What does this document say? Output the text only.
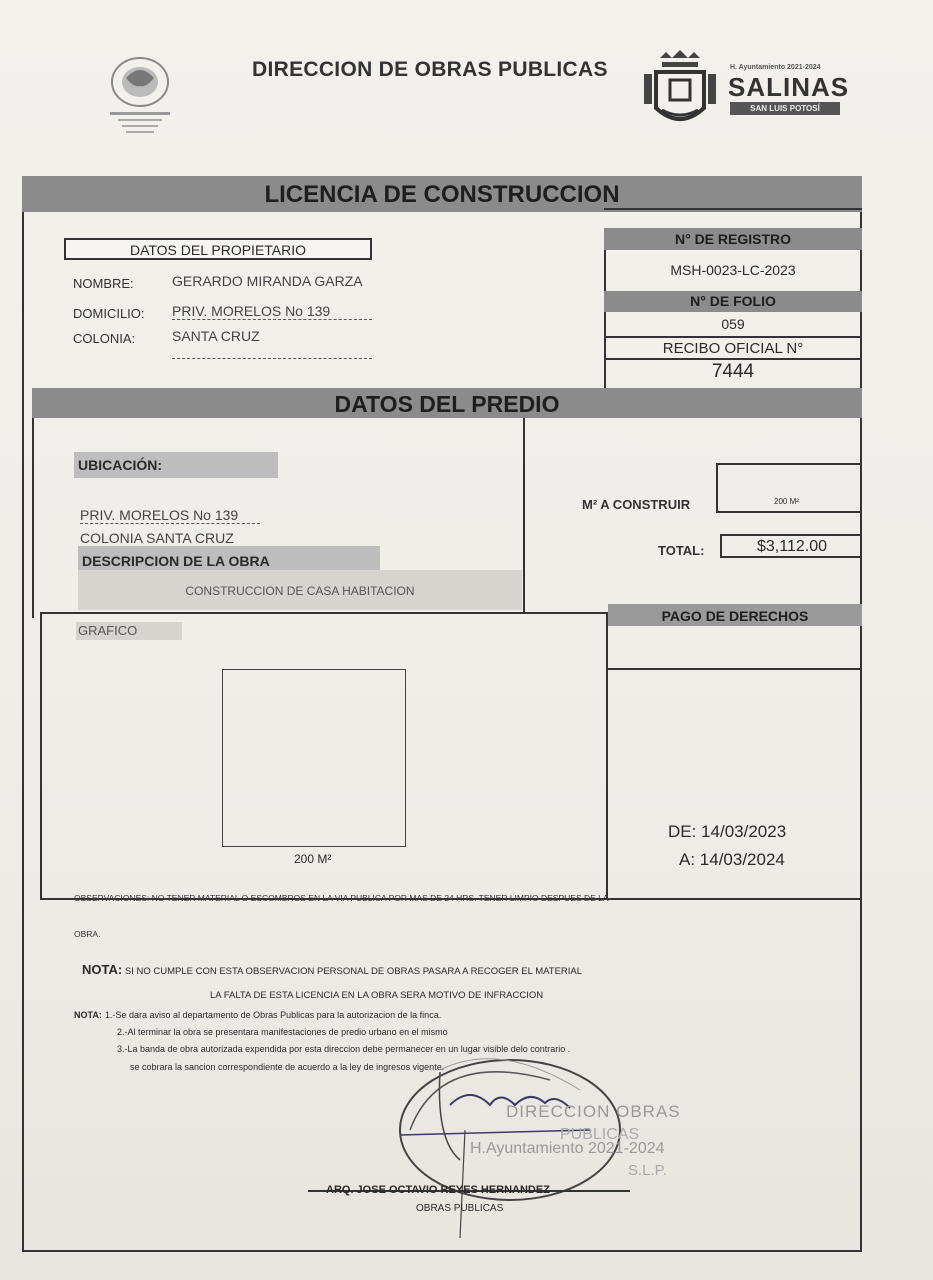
DIRECCION DE OBRAS PUBLICAS	H. Ayuntamiento 2021-2024
SALINAS
SAN LUIS POTOSÍ
LICENCIA DE CONSTRUCCION
DATOS DEL PROPIETARIO
NOMBRE:	GERARDO MIRANDA GARZA
DOMICILIO: PRIV. MORELOS No 139
COLONIA:	SANTA CRUZ
N° DE REGISTRO
MSH-0023-LC-2023
N° DE FOLIO
059
RECIBO OFICIAL N°
7444
DATOS DEL PREDIO
UBICACIÓN:
PRIV. MORELOS No 139
COLONIA SANTA CRUZ
DESCRIPCION DE LA OBRA
CONSTRUCCION DE CASA HABITACION
M² A CONSTRUIR	200 M²
TOTAL:	$3,112.00
GRAFICO
200 M²
PAGO DE DERECHOS
DE: 14/03/2023
A: 14/03/2024
OBSERVACIONES: NO TENER MATERIAL O ESCOMBROS EN LA VIA PUBLICA POR MAS DE 24 HRS. TENER LIMPIO DESPUES DE LA
OBRA.
NOTA: SI NO CUMPLE CON ESTA OBSERVACION PERSONAL DE OBRAS PASARA A RECOGER EL MATERIAL
LA FALTA DE ESTA LICENCIA EN LA OBRA SERA MOTIVO DE INFRACCION
NOTA: 1.-Se dara aviso al departamento de Obras Publicas para la autorizacion de la finca.
2.-Al terminar la obra se presentara manifestaciones de predio urbano en el mismo
3.-La banda de obra autorizada expendida por esta direccion debe permanecer en un lugar visible delo contrario .
se cobrara la sancion correspondiente de acuerdo a la ley de ingresos vigente.
DIRECCION OBRAS
PUBLICAS
H.Ayuntamiento 2021-2024
S.L.P.
ARQ. JOSE OCTAVIO REYES HERNANDEZ
OBRAS PUBLICAS
